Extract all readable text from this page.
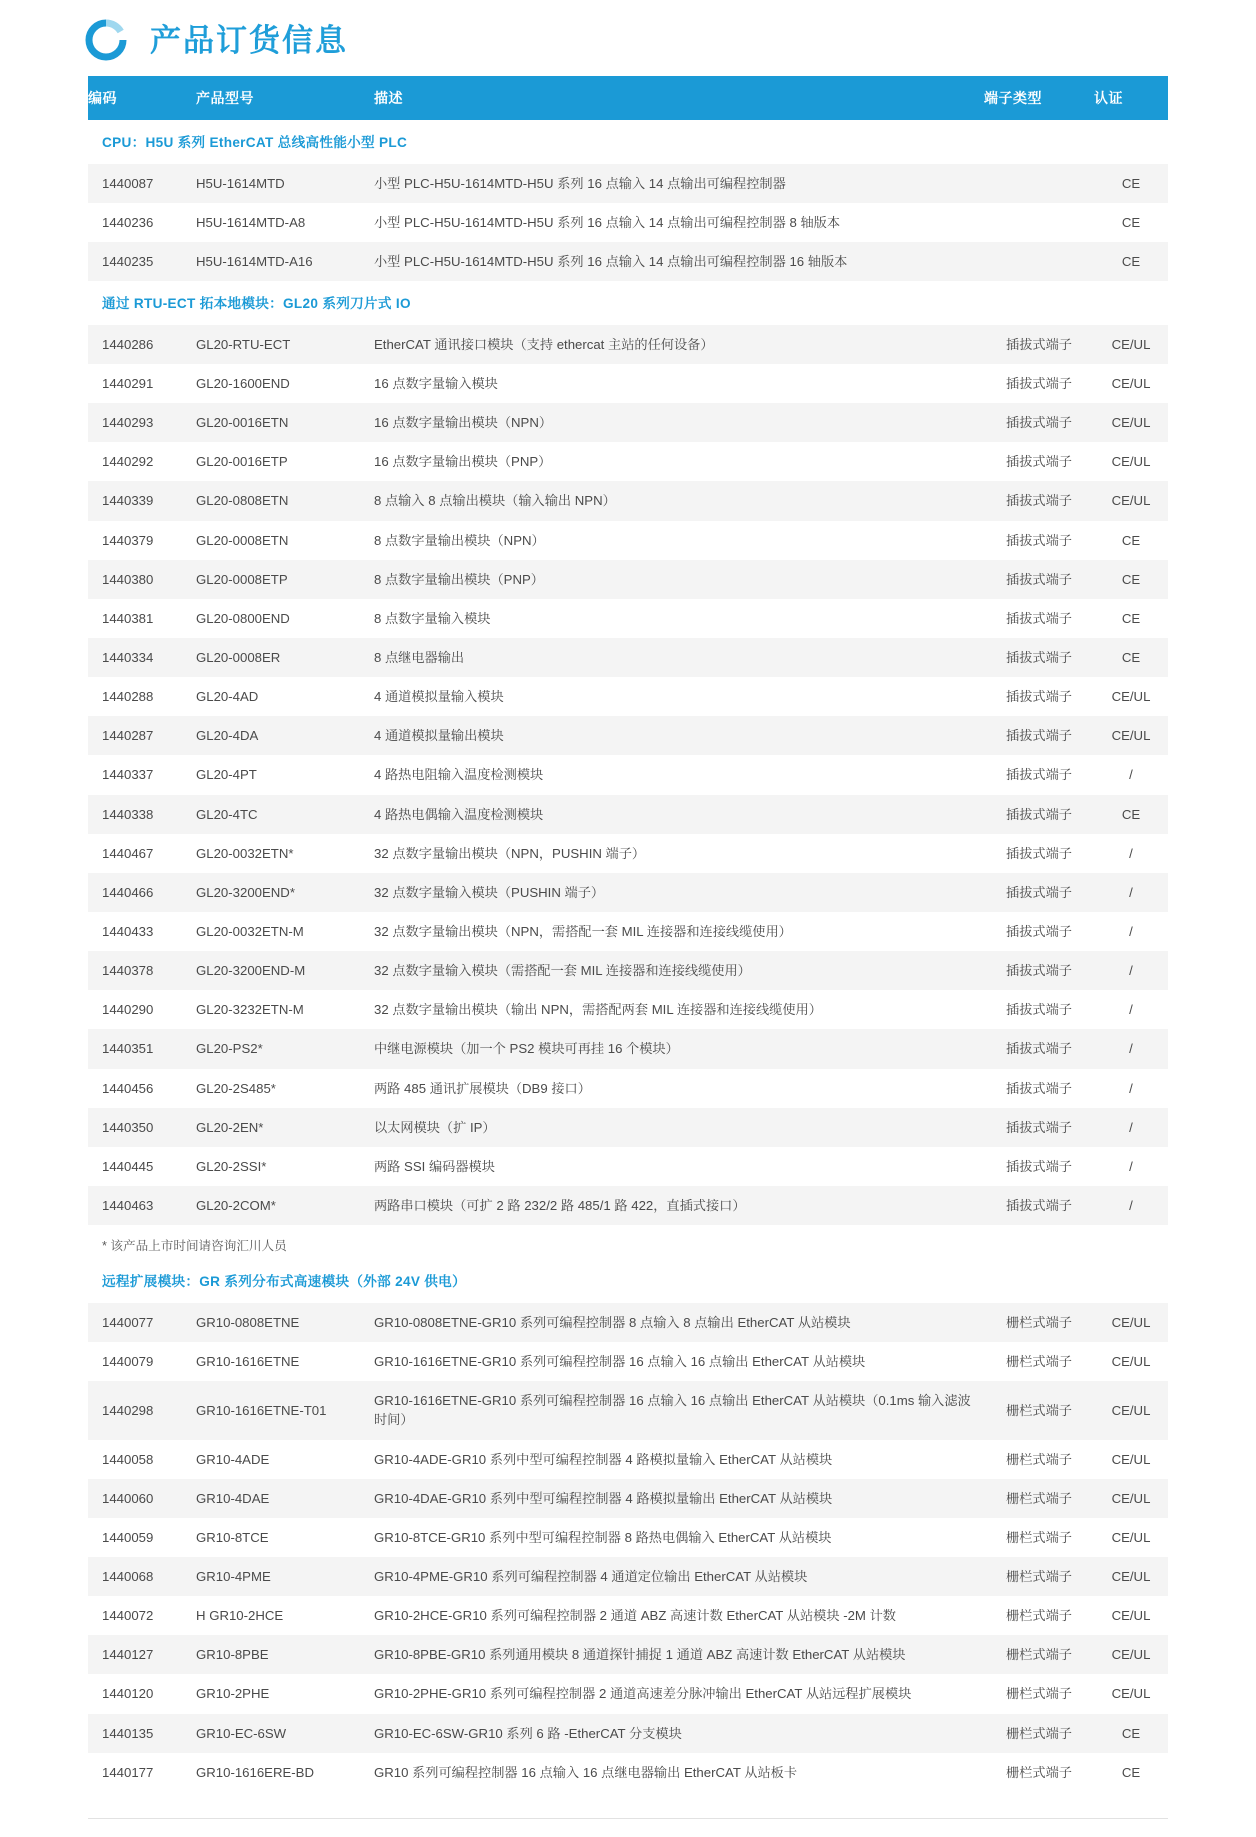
产品订货信息
编码	产品型号	描述	端子类型	认证
CPU：H5U 系列 EtherCAT 总线高性能小型 PLC				
1440087	H5U-1614MTD	小型 PLC-H5U-1614MTD-H5U 系列 16 点输入 14 点输出可编程控制器		CE
1440236	H5U-1614MTD-A8	小型 PLC-H5U-1614MTD-H5U 系列 16 点输入 14 点输出可编程控制器 8 轴版本		CE
1440235	H5U-1614MTD-A16	小型 PLC-H5U-1614MTD-H5U 系列 16 点输入 14 点输出可编程控制器 16 轴版本		CE
通过 RTU-ECT 拓本地模块：GL20 系列刀片式 IO				
1440286	GL20-RTU-ECT	EtherCAT 通讯接口模块（支持 ethercat 主站的任何设备）	插拔式端子	CE/UL
1440291	GL20-1600END	16 点数字量输入模块	插拔式端子	CE/UL
1440293	GL20-0016ETN	16 点数字量输出模块（NPN）	插拔式端子	CE/UL
1440292	GL20-0016ETP	16 点数字量输出模块（PNP）	插拔式端子	CE/UL
1440339	GL20-0808ETN	8 点输入 8 点输出模块（输入输出 NPN）	插拔式端子	CE/UL
1440379	GL20-0008ETN	8 点数字量输出模块（NPN）	插拔式端子	CE
1440380	GL20-0008ETP	8 点数字量输出模块（PNP）	插拔式端子	CE
1440381	GL20-0800END	8 点数字量输入模块	插拔式端子	CE
1440334	GL20-0008ER	8 点继电器输出	插拔式端子	CE
1440288	GL20-4AD	4 通道模拟量输入模块	插拔式端子	CE/UL
1440287	GL20-4DA	4 通道模拟量输出模块	插拔式端子	CE/UL
1440337	GL20-4PT	4 路热电阻输入温度检测模块	插拔式端子	/
1440338	GL20-4TC	4 路热电偶输入温度检测模块	插拔式端子	CE
1440467	GL20-0032ETN*	32 点数字量输出模块（NPN，PUSHIN 端子）	插拔式端子	/
1440466	GL20-3200END*	32 点数字量输入模块（PUSHIN 端子）	插拔式端子	/
1440433	GL20-0032ETN-M	32 点数字量输出模块（NPN，需搭配一套 MIL 连接器和连接线缆使用）	插拔式端子	/
1440378	GL20-3200END-M	32 点数字量输入模块（需搭配一套 MIL 连接器和连接线缆使用）	插拔式端子	/
1440290	GL20-3232ETN-M	32 点数字量输出模块（输出 NPN，需搭配两套 MIL 连接器和连接线缆使用）	插拔式端子	/
1440351	GL20-PS2*	中继电源模块（加一个 PS2 模块可再挂 16 个模块）	插拔式端子	/
1440456	GL20-2S485*	两路 485 通讯扩展模块（DB9 接口）	插拔式端子	/
1440350	GL20-2EN*	以太网模块（扩 IP）	插拔式端子	/
1440445	GL20-2SSI*	两路 SSI 编码器模块	插拔式端子	/
1440463	GL20-2COM*	两路串口模块（可扩 2 路 232/2 路 485/1 路 422，直插式接口）	插拔式端子	/
* 该产品上市时间请咨询汇川人员				
远程扩展模块：GR 系列分布式高速模块（外部 24V 供电）				
1440077	GR10-0808ETNE	GR10-0808ETNE-GR10 系列可编程控制器 8 点输入 8 点输出 EtherCAT 从站模块	栅栏式端子	CE/UL
1440079	GR10-1616ETNE	GR10-1616ETNE-GR10 系列可编程控制器 16 点输入 16 点输出 EtherCAT 从站模块	栅栏式端子	CE/UL
1440298	GR10-1616ETNE-T01	GR10-1616ETNE-GR10 系列可编程控制器 16 点输入 16 点输出 EtherCAT 从站模块（0.1ms 输入滤波时间）	栅栏式端子	CE/UL
1440058	GR10-4ADE	GR10-4ADE-GR10 系列中型可编程控制器 4 路模拟量输入 EtherCAT 从站模块	栅栏式端子	CE/UL
1440060	GR10-4DAE	GR10-4DAE-GR10 系列中型可编程控制器 4 路模拟量输出 EtherCAT 从站模块	栅栏式端子	CE/UL
1440059	GR10-8TCE	GR10-8TCE-GR10 系列中型可编程控制器 8 路热电偶输入 EtherCAT 从站模块	栅栏式端子	CE/UL
1440068	GR10-4PME	GR10-4PME-GR10 系列可编程控制器 4 通道定位输出 EtherCAT 从站模块	栅栏式端子	CE/UL
1440072	H GR10-2HCE	GR10-2HCE-GR10 系列可编程控制器 2 通道 ABZ 高速计数 EtherCAT 从站模块 -2M 计数	栅栏式端子	CE/UL
1440127	GR10-8PBE	GR10-8PBE-GR10 系列通用模块 8 通道探针捕捉 1 通道 ABZ 高速计数 EtherCAT 从站模块	栅栏式端子	CE/UL
1440120	GR10-2PHE	GR10-2PHE-GR10 系列可编程控制器 2 通道高速差分脉冲输出 EtherCAT 从站远程扩展模块	栅栏式端子	CE/UL
1440135	GR10-EC-6SW	GR10-EC-6SW-GR10 系列 6 路 -EtherCAT 分支模块	栅栏式端子	CE
1440177	GR10-1616ERE-BD	GR10 系列可编程控制器 16 点输入 16 点继电器输出 EtherCAT 从站板卡	栅栏式端子	CE
